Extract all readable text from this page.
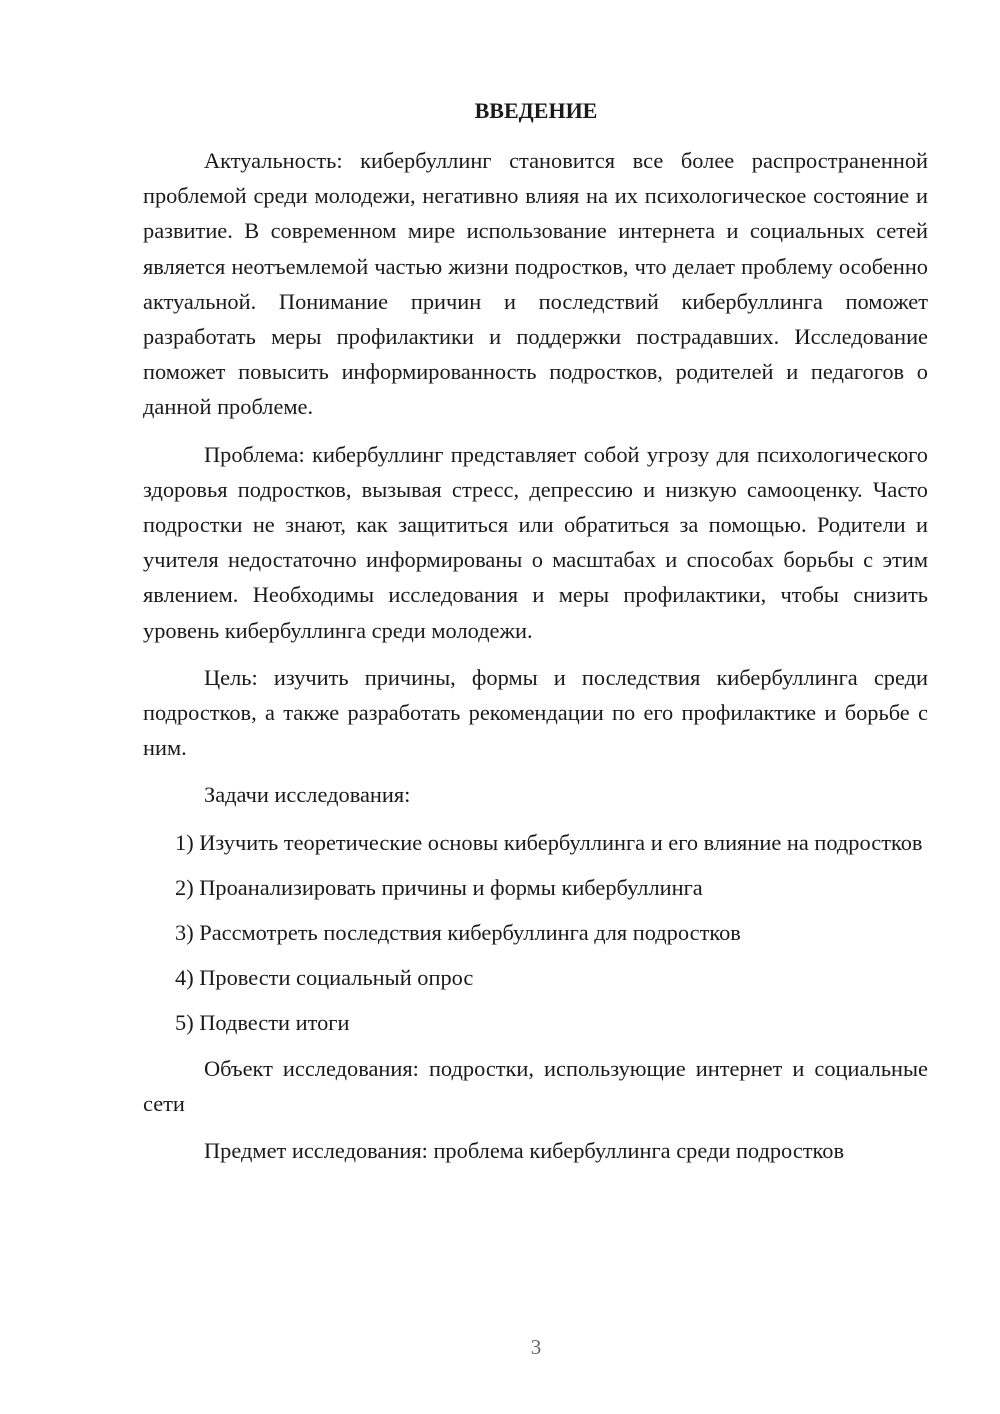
ВВЕДЕНИЕ

Актуальность: кибербуллинг становится все более распространенной проблемой среди молодежи, негативно влияя на их психологическое состояние и развитие. В современном мире использование интернета и социальных сетей является неотъемлемой частью жизни подростков, что делает проблему особенно актуальной. Понимание причин и последствий кибербуллинга поможет разработать меры профилактики и поддержки пострадавших. Исследование поможет повысить информированность подростков, родителей и педагогов о данной проблеме.

Проблема: кибербуллинг представляет собой угрозу для психологического здоровья подростков, вызывая стресс, депрессию и низкую самооценку. Часто подростки не знают, как защититься или обратиться за помощью. Родители и учителя недостаточно информированы о масштабах и способах борьбы с этим явлением. Необходимы исследования и меры профилактики, чтобы снизить уровень кибербуллинга среди молодежи.

Цель: изучить причины, формы и последствия кибербуллинга среди подростков, а также разработать рекомендации по его профилактике и борьбе с ним.

Задачи исследования:

1) Изучить теоретические основы кибербуллинга и его влияние на подростков

2) Проанализировать причины и формы кибербуллинга

3) Рассмотреть последствия кибербуллинга для подростков

4) Провести социальный опрос

5) Подвести итоги

Объект исследования: подростки, использующие интернет и социальные сети

Предмет исследования: проблема кибербуллинга среди подростков

3
